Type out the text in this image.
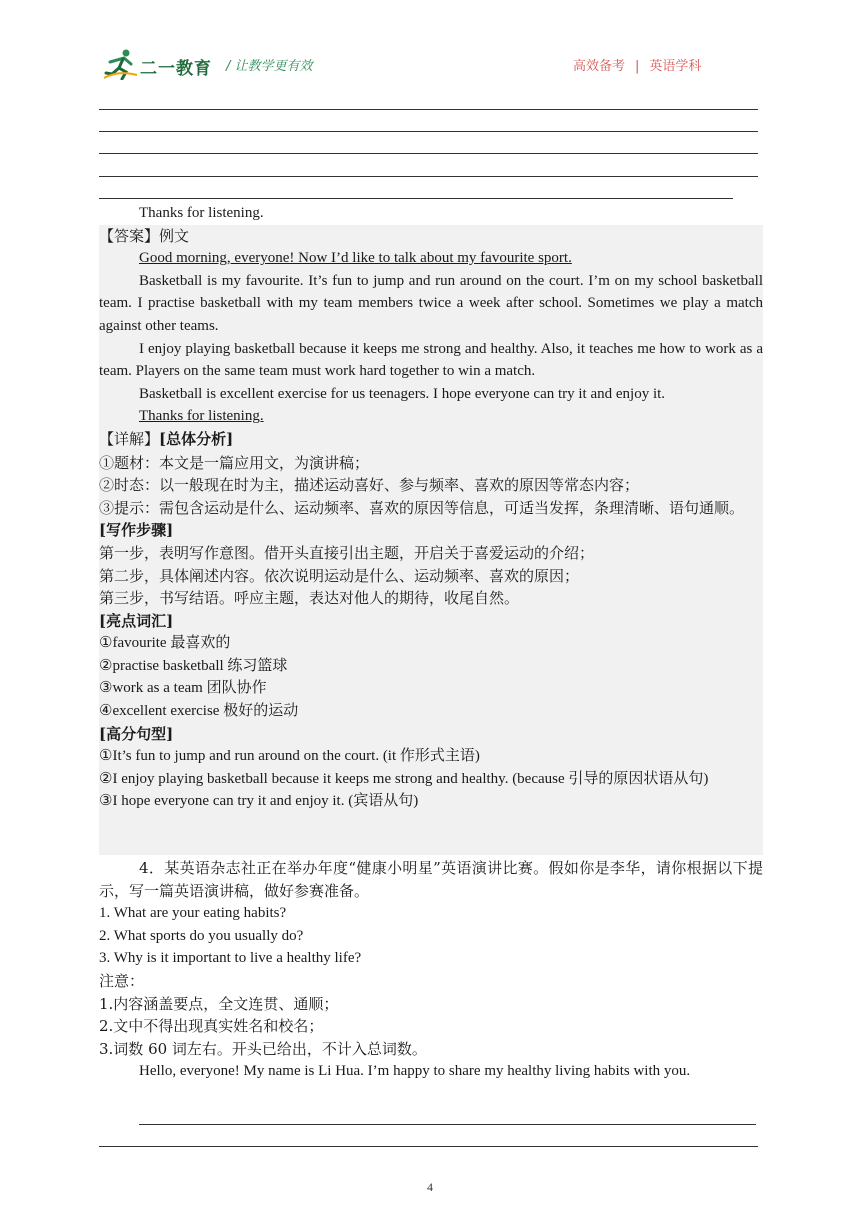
二一教育 / 让教学更有效	高效备考 | 英语学科

Thanks for listening.

【答案】例文

Good morning, everyone! Now I’d like to talk about my favourite sport.

Basketball is my favourite. It’s fun to jump and run around on the court. I’m on my school basketball team. I practise basketball with my team members twice a week after school. Sometimes we play a match against other teams.

I enjoy playing basketball because it keeps me strong and healthy. Also, it teaches me how to work as a team. Players on the same team must work hard together to win a match.

Basketball is excellent exercise for us teenagers. I hope everyone can try it and enjoy it.

Thanks for listening.

【详解】[总体分析]

①题材：本文是一篇应用文，为演讲稿；

②时态：以一般现在时为主，描述运动喜好、参与频率、喜欢的原因等常态内容；

③提示：需包含运动是什么、运动频率、喜欢的原因等信息，可适当发挥，条理清晰、语句通顺。

[写作步骤]

第一步，表明写作意图。借开头直接引出主题，开启关于喜爱运动的介绍；

第二步，具体阐述内容。依次说明运动是什么、运动频率、喜欢的原因；

第三步，书写结语。呼应主题，表达对他人的期待，收尾自然。

[亮点词汇]

①favourite 最喜欢的

②practise basketball 练习篮球

③work as a team 团队协作

④excellent exercise 极好的运动

[高分句型]

①It’s fun to jump and run around on the court. (it 作形式主语)

②I enjoy playing basketball because it keeps me strong and healthy. (because 引导的原因状语从句)

③I hope everyone can try it and enjoy it. (宾语从句)

4．某英语杂志社正在举办年度“健康小明星”英语演讲比赛。假如你是李华，请你根据以下提示，写一篇英语演讲稿，做好参赛准备。

1. What are your eating habits?

2. What sports do you usually do?

3. Why is it important to live a healthy life?

注意：

1.内容涵盖要点，全文连贯、通顺；

2.文中不得出现真实姓名和校名；

3.词数 60 词左右。开头已给出，不计入总词数。

Hello, everyone! My name is Li Hua. I’m happy to share my healthy living habits with you.

4
